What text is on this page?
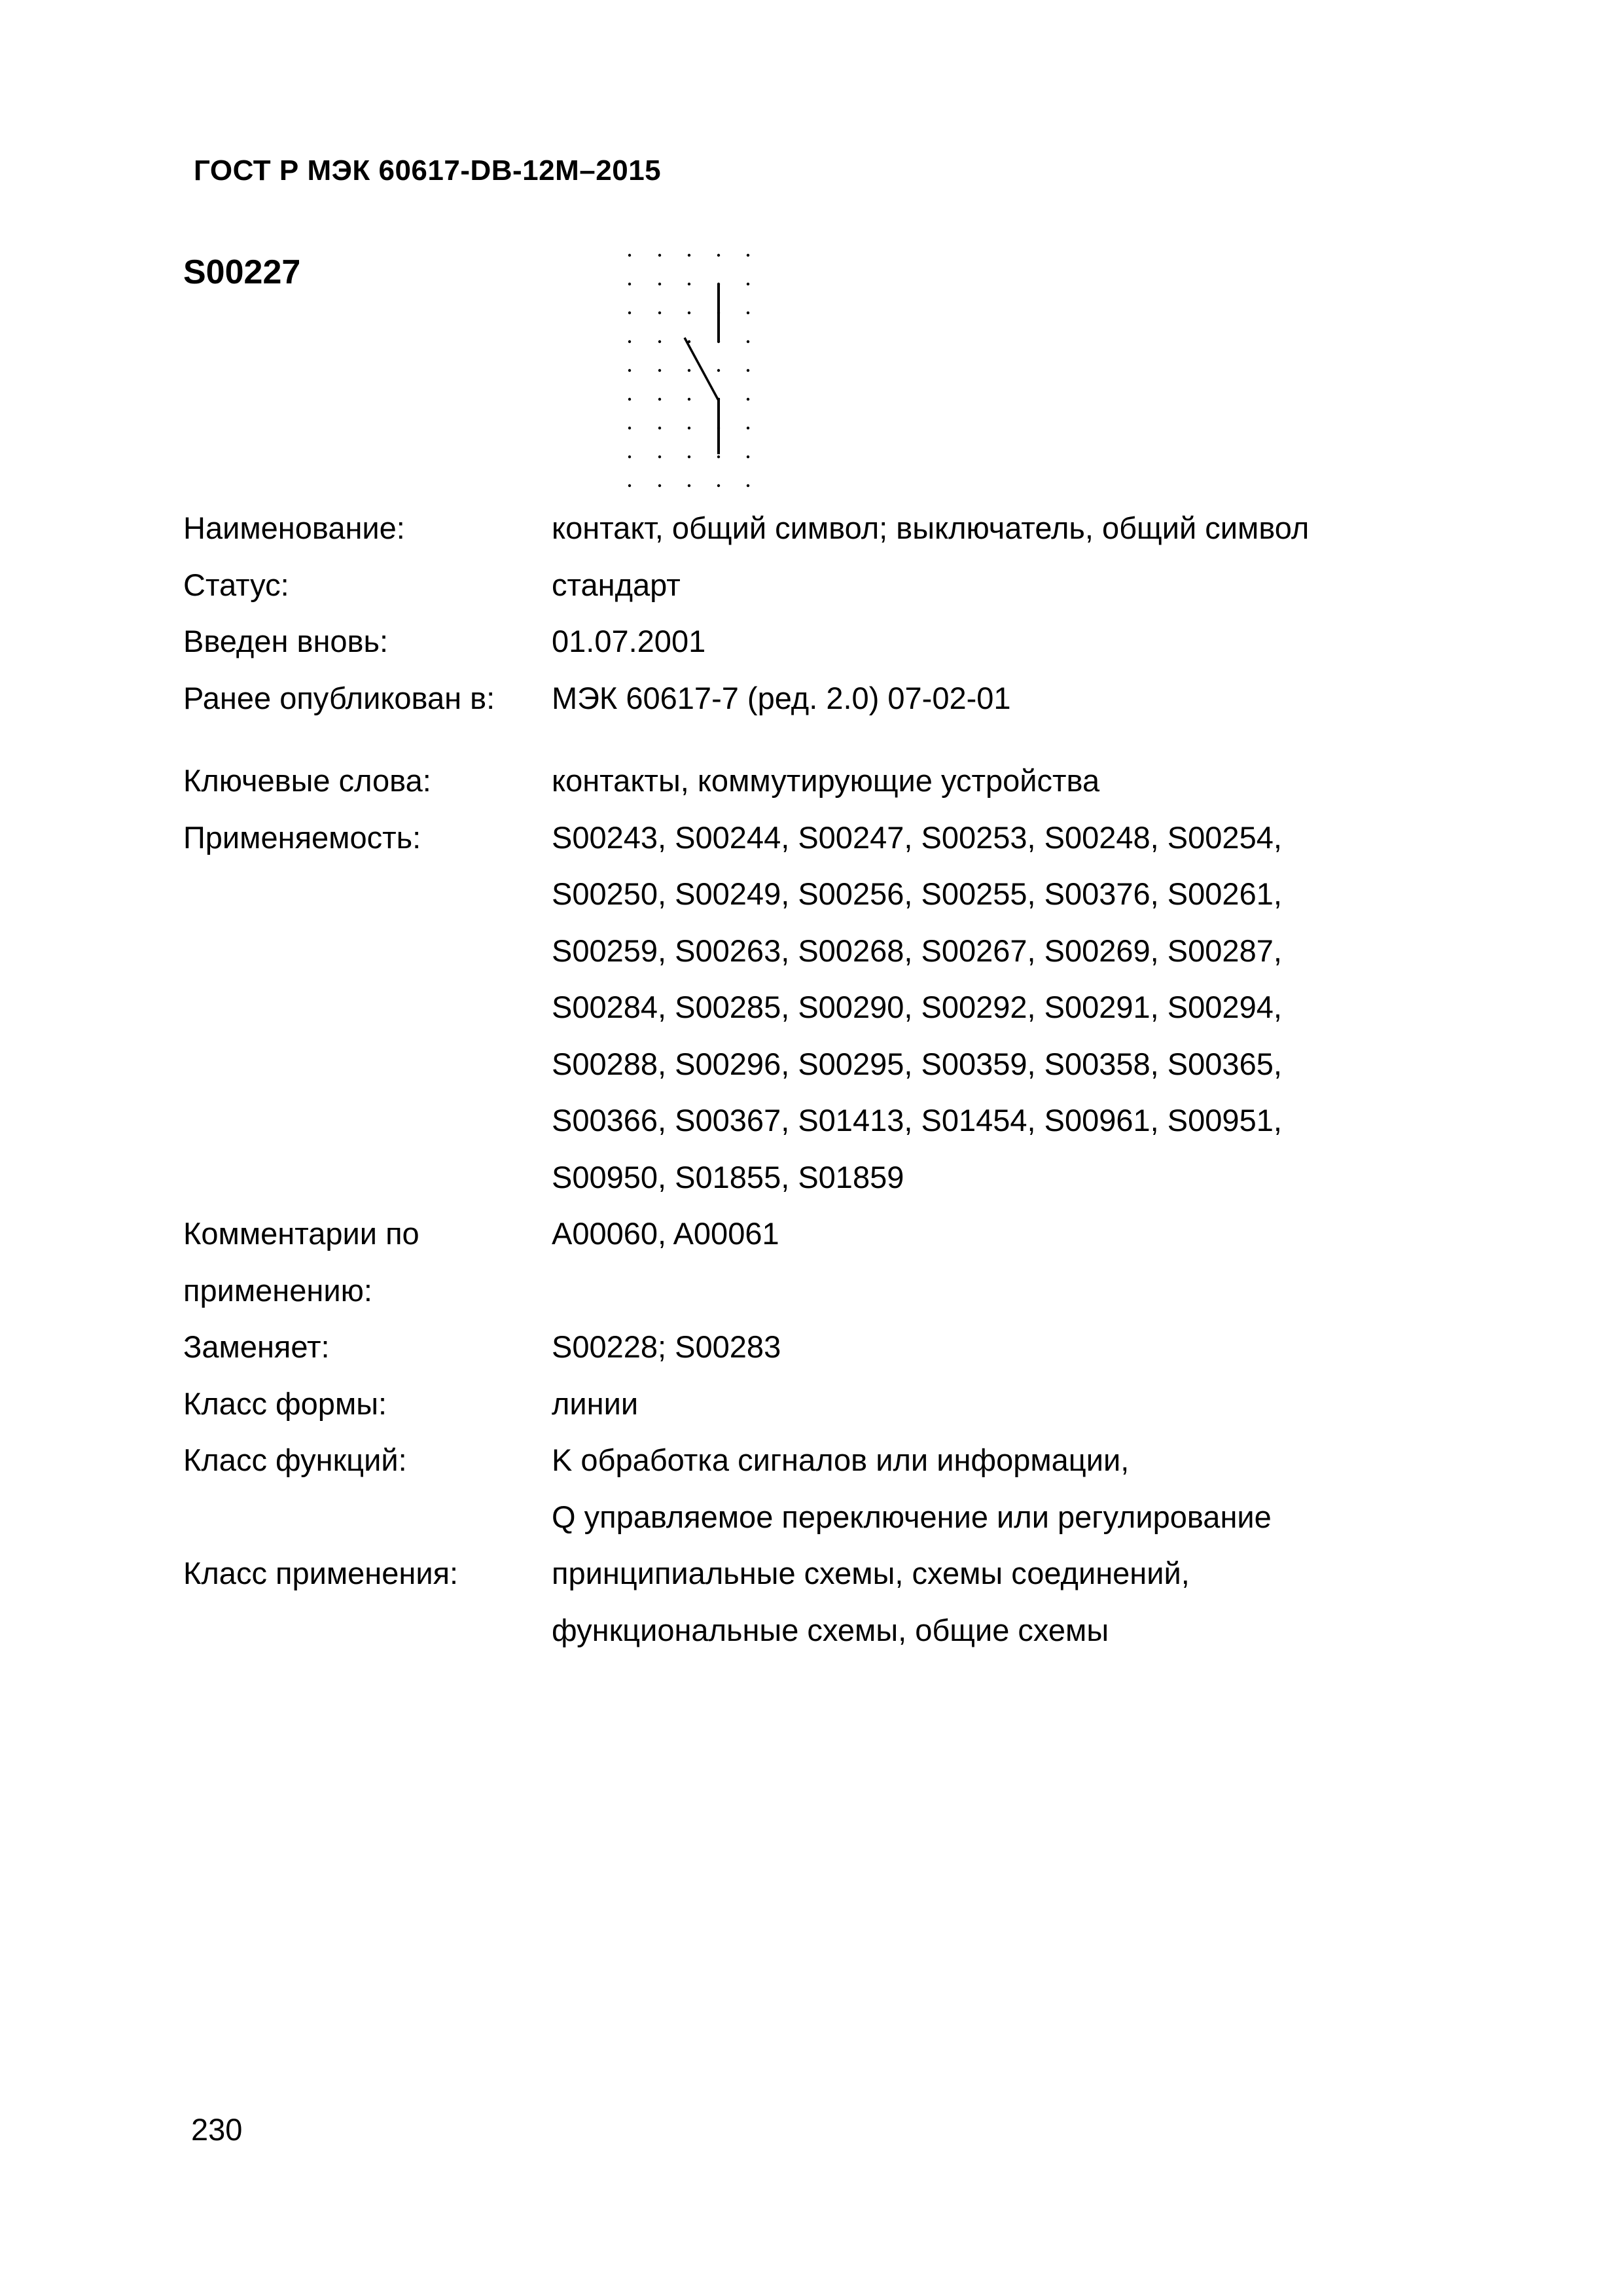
ГОСТ Р МЭК 60617-DB-12M–2015
S00227
Наименование:	контакт, общий символ; выключатель, общий символ
Статус:	стандарт
Введен вновь:	01.07.2001
Ранее опубликован в:	МЭК 60617-7 (ред. 2.0) 07-02-01
Ключевые слова:	контакты, коммутирующие устройства
Применяемость:	S00243, S00244, S00247, S00253, S00248, S00254,
S00250, S00249, S00256, S00255, S00376, S00261,
S00259, S00263, S00268, S00267, S00269, S00287,
S00284, S00285, S00290, S00292, S00291, S00294,
S00288, S00296, S00295, S00359, S00358, S00365,
S00366, S00367, S01413, S01454, S00961, S00951,
S00950, S01855, S01859
Комментарии по применению:
A00060, A00061
Заменяет:	S00228; S00283
Класс формы:	линии
Класс функций:	K обработка сигналов или информации,
Q управляемое переключение или регулирование
Класс применения:	принципиальные схемы, схемы соединений,
функциональные схемы, общие схемы
230
